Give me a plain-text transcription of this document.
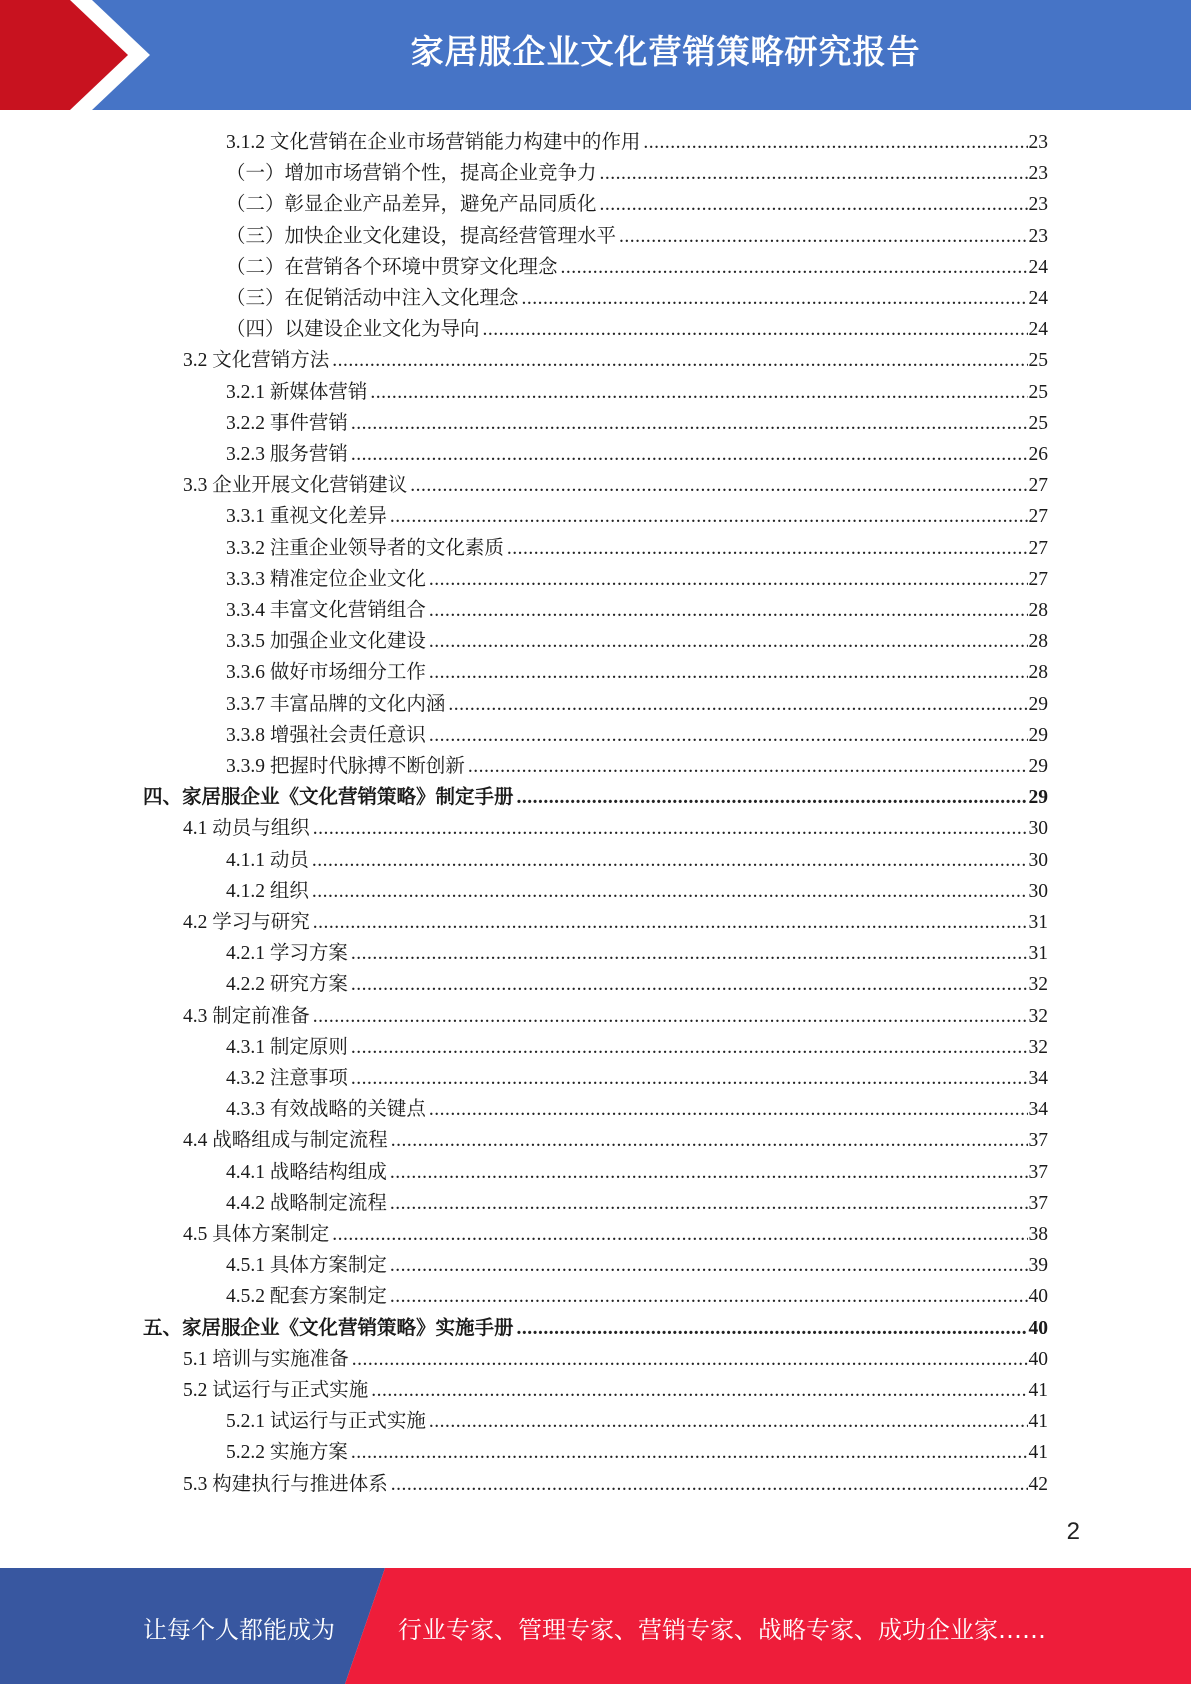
家居服企业文化营销策略研究报告
3.1.2 文化营销在企业市场营销能力构建中的作用 .....	23
（一）增加市场营销个性，提高企业竞争力 .....	23
（二）彰显企业产品差异，避免产品同质化 .....	23
（三）加快企业文化建设，提高经营管理水平 .....	23
（二）在营销各个环境中贯穿文化理念 .....	24
（三）在促销活动中注入文化理念 .....	24
（四）以建设企业文化为导向 .....	24
3.2 文化营销方法 .....	25
3.2.1 新媒体营销 .....	25
3.2.2 事件营销 .....	25
3.2.3 服务营销 .....	26
3.3 企业开展文化营销建议 .....	27
3.3.1 重视文化差异 .....	27
3.3.2 注重企业领导者的文化素质 .....	27
3.3.3 精准定位企业文化 .....	27
3.3.4 丰富文化营销组合 .....	28
3.3.5 加强企业文化建设 .....	28
3.3.6 做好市场细分工作 .....	28
3.3.7 丰富品牌的文化内涵 .....	29
3.3.8 增强社会责任意识 .....	29
3.3.9 把握时代脉搏不断创新 .....	29
四、家居服企业《文化营销策略》制定手册 .....	29
4.1 动员与组织 .....	30
4.1.1 动员 .....	30
4.1.2 组织 .....	30
4.2 学习与研究 .....	31
4.2.1 学习方案 .....	31
4.2.2 研究方案 .....	32
4.3 制定前准备 .....	32
4.3.1 制定原则 .....	32
4.3.2 注意事项 .....	34
4.3.3 有效战略的关键点 .....	34
4.4 战略组成与制定流程 .....	37
4.4.1 战略结构组成 .....	37
4.4.2 战略制定流程 .....	37
4.5 具体方案制定 .....	38
4.5.1 具体方案制定 .....	39
4.5.2 配套方案制定 .....	40
五、家居服企业《文化营销策略》实施手册 .....	40
5.1 培训与实施准备 .....	40
5.2 试运行与正式实施 .....	41
5.2.1 试运行与正式实施 .....	41
5.2.2 实施方案 .....	41
5.3 构建执行与推进体系 .....	42
2
让每个人都能成为	行业专家、管理专家、营销专家、战略专家、成功企业家……
